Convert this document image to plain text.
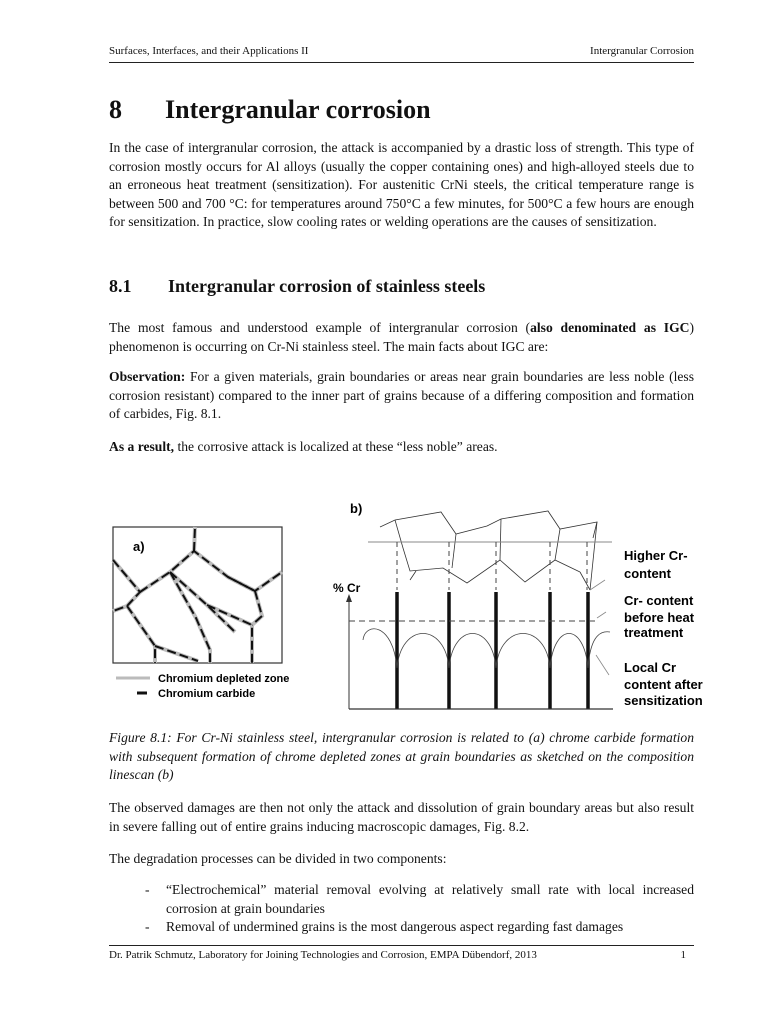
Surfaces, Interfaces, and their Applications II	Intergranular Corrosion
8 Intergranular corrosion
In the case of intergranular corrosion, the attack is accompanied by a drastic loss of strength. This type of corrosion mostly occurs for Al alloys (usually the copper containing ones) and high-alloyed steels due to an erroneous heat treatment (sensitization). For austenitic CrNi steels, the critical temperature range is between 500 and 700 °C: for temperatures around 750°C a few minutes, for 500°C a few hours are enough for sensitization. In practice, slow cooling rates or welding operations are the causes of sensitization.
8.1 Intergranular corrosion of stainless steels
The most famous and understood example of intergranular corrosion (also denominated as IGC) phenomenon is occurring on Cr-Ni stainless steel. The main facts about IGC are:
Observation: For a given materials, grain boundaries or areas near grain boundaries are less noble (less corrosion resistant) compared to the inner part of grains because of a differing composition and formation of carbides, Fig. 8.1.
As a result, the corrosive attack is localized at these “less noble” areas.
a)
Chromium depleted zone
Chromium carbide
b)
% Cr
Higher Cr-
content
Cr- content
before heat
treatment
Local Cr
content after
sensitization
Figure 8.1: For Cr-Ni stainless steel, intergranular corrosion is related to (a) chrome carbide formation with subsequent formation of chrome depleted zones at grain boundaries as sketched on the composition linescan (b)
The observed damages are then not only the attack and dissolution of grain boundary areas but also result in severe falling out of entire grains inducing macroscopic damages, Fig. 8.2.
The degradation processes can be divided in two components:
- “Electrochemical” material removal evolving at relatively small rate with local increased corrosion at grain boundaries
- Removal of undermined grains is the most dangerous aspect regarding fast damages
Dr. Patrik Schmutz, Laboratory for Joining Technologies and Corrosion, EMPA Dübendorf, 2013	1
